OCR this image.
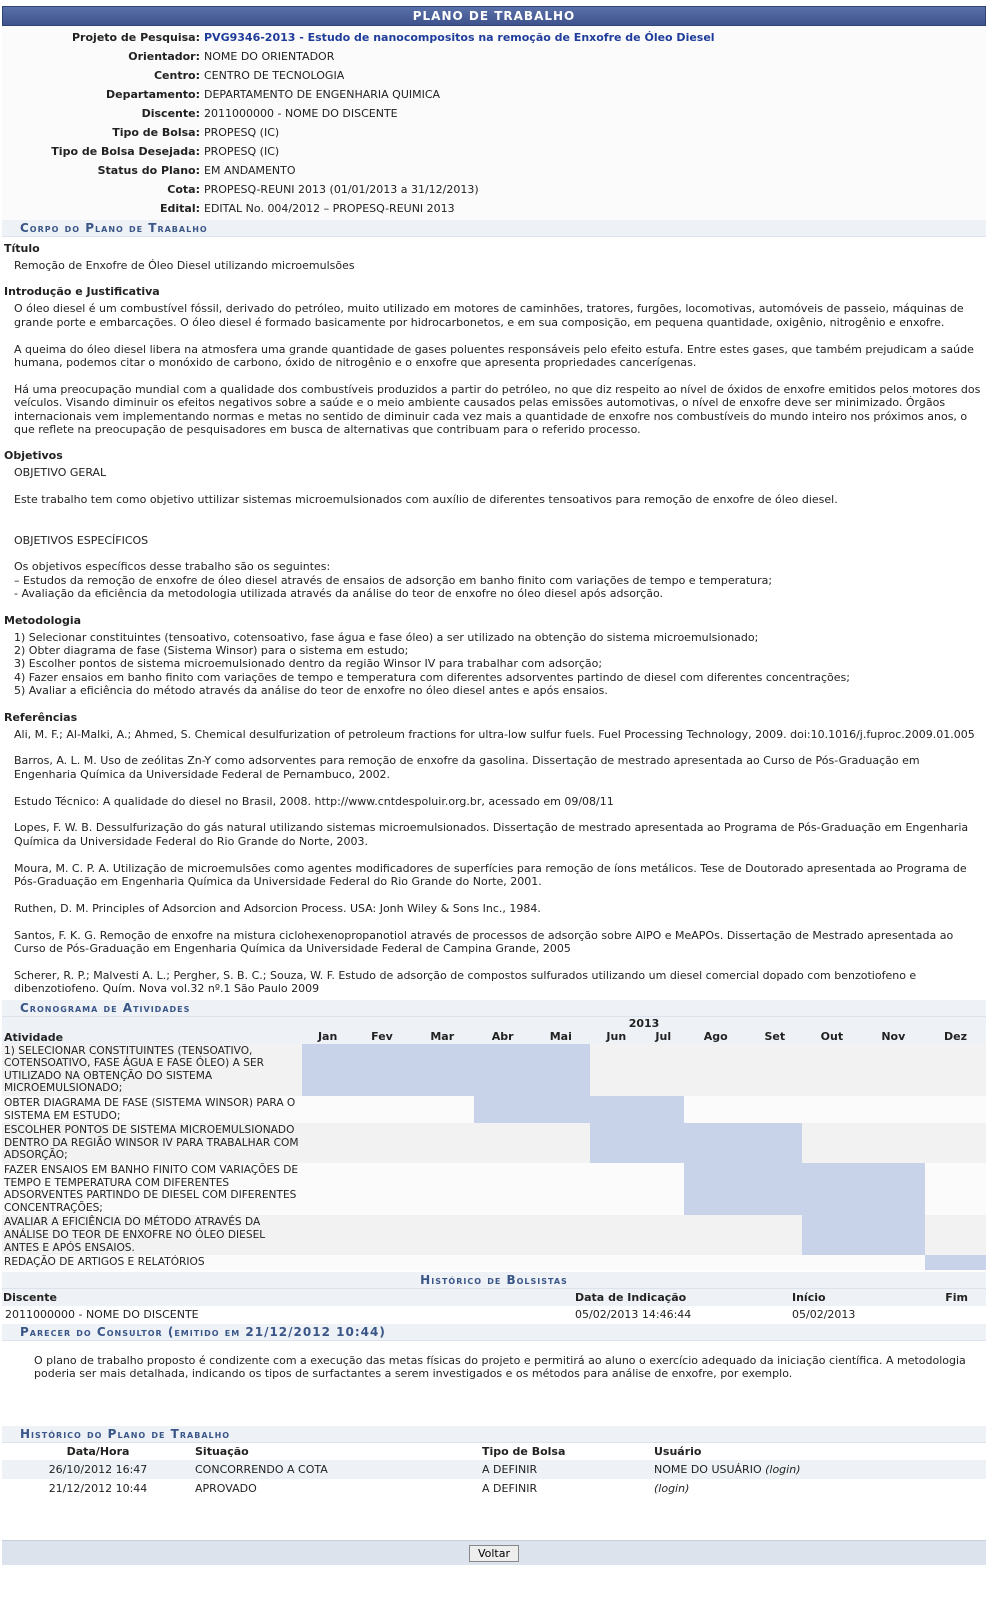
PLANO DE TRABALHO
Projeto de Pesquisa: PVG9346-2013 - Estudo de nanocompositos na remoção de Enxofre de Óleo Diesel
Orientador: NOME DO ORIENTADOR
Centro: CENTRO DE TECNOLOGIA
Departamento: DEPARTAMENTO DE ENGENHARIA QUIMICA
Discente: 2011000000 - NOME DO DISCENTE
Tipo de Bolsa: PROPESQ (IC)
Tipo de Bolsa Desejada: PROPESQ (IC)
Status do Plano: EM ANDAMENTO
Cota: PROPESQ-REUNI 2013 (01/01/2013 a 31/12/2013)
Edital: EDITAL No. 004/2012 – PROPESQ-REUNI 2013
Corpo do Plano de Trabalho
Título
Remoção de Enxofre de Óleo Diesel utilizando microemulsões
Introdução e Justificativa
O óleo diesel é um combustível fóssil, derivado do petróleo, muito utilizado em motores de caminhões, tratores, furgões, locomotivas, automóveis de passeio, máquinas de grande porte e embarcações. O óleo diesel é formado basicamente por hidrocarbonetos, e em sua composição, em pequena quantidade, oxigênio, nitrogênio e enxofre.

A queima do óleo diesel libera na atmosfera uma grande quantidade de gases poluentes responsáveis pelo efeito estufa. Entre estes gases, que também prejudicam a saúde humana, podemos citar o monóxido de carbono, óxido de nitrogênio e o enxofre que apresenta propriedades cancerígenas.

Há uma preocupação mundial com a qualidade dos combustíveis produzidos a partir do petróleo, no que diz respeito ao nível de óxidos de enxofre emitidos pelos motores dos veículos. Visando diminuir os efeitos negativos sobre a saúde e o meio ambiente causados pelas emissões automotivas, o nível de enxofre deve ser minimizado. Órgãos internacionais vem implementando normas e metas no sentido de diminuir cada vez mais a quantidade de enxofre nos combustíveis do mundo inteiro nos próximos anos, o que reflete na preocupação de pesquisadores em busca de alternativas que contribuam para o referido processo.
Objetivos
OBJETIVO GERAL

Este trabalho tem como objetivo uttilizar sistemas microemulsionados com auxílio de diferentes tensoativos para remoção de enxofre de óleo diesel.

OBJETIVOS ESPECÍFICOS

Os objetivos específicos desse trabalho são os seguintes:
– Estudos da remoção de enxofre de óleo diesel através de ensaios de adsorção em banho finito com variações de tempo e temperatura;
- Avaliação da eficiência da metodologia utilizada através da análise do teor de enxofre no óleo diesel após adsorção.
Metodologia
1) Selecionar constituintes (tensoativo, cotensoativo, fase água e fase óleo) a ser utilizado na obtenção do sistema microemulsionado;
2) Obter diagrama de fase (Sistema Winsor) para o sistema em estudo;
3) Escolher pontos de sistema microemulsionado dentro da região Winsor IV para trabalhar com adsorção;
4) Fazer ensaios em banho finito com variações de tempo e temperatura com diferentes adsorventes partindo de diesel com diferentes concentrações;
5) Avaliar a eficiência do método através da análise do teor de enxofre no óleo diesel antes e após ensaios.
Referências
Ali, M. F.; Al-Malki, A.; Ahmed, S. Chemical desulfurization of petroleum fractions for ultra-low sulfur fuels. Fuel Processing Technology, 2009. doi:10.1016/j.fuproc.2009.01.005

Barros, A. L. M. Uso de zeólitas Zn-Y como adsorventes para remoção de enxofre da gasolina. Dissertação de mestrado apresentada ao Curso de Pós-Graduação em Engenharia Química da Universidade Federal de Pernambuco, 2002.

Estudo Técnico: A qualidade do diesel no Brasil, 2008. http://www.cntdespoluir.org.br, acessado em 09/08/11

Lopes, F. W. B. Dessulfurização do gás natural utilizando sistemas microemulsionados. Dissertação de mestrado apresentada ao Programa de Pós-Graduação em Engenharia Química da Universidade Federal do Rio Grande do Norte, 2003.

Moura, M. C. P. A. Utilização de microemulsões como agentes modificadores de superfícies para remoção de íons metálicos. Tese de Doutorado apresentada ao Programa de Pós-Graduação em Engenharia Química da Universidade Federal do Rio Grande do Norte, 2001.

Ruthen, D. M. Principles of Adsorcion and Adsorcion Process. USA: Jonh Wiley & Sons Inc., 1984.

Santos, F. K. G. Remoção de enxofre na mistura ciclohexenopropanotiol através de processos de adsorção sobre AlPO e MeAPOs. Dissertação de Mestrado apresentada ao Curso de Pós-Graduação em Engenharia Química da Universidade Federal de Campina Grande, 2005

Scherer, R. P.; Malvesti A. L.; Pergher, S. B. C.; Souza, W. F. Estudo de adsorção de compostos sulfurados utilizando um diesel comercial dopado com benzotiofeno e dibenzotiofeno. Quím. Nova vol.32 nº.1 São Paulo 2009
Cronograma de Atividades
Atividade	2013											
	Jan	Fev	Mar	Abr	Mai	Jun	Jul	Ago	Set	Out	Nov	Dez
1) SELECIONAR CONSTITUINTES (TENSOATIVO, COTENSOATIVO, FASE ÁGUA E FASE ÓLEO) A SER UTILIZADO NA OBTENÇÃO DO SISTEMA MICROEMULSIONADO;												
OBTER DIAGRAMA DE FASE (SISTEMA WINSOR) PARA O SISTEMA EM ESTUDO;												
ESCOLHER PONTOS DE SISTEMA MICROEMULSIONADO DENTRO DA REGIÃO WINSOR IV PARA TRABALHAR COM ADSORÇÃO;												
FAZER ENSAIOS EM BANHO FINITO COM VARIAÇÕES DE TEMPO E TEMPERATURA COM DIFERENTES ADSORVENTES PARTINDO DE DIESEL COM DIFERENTES CONCENTRAÇÕES;												
AVALIAR A EFICIÊNCIA DO MÉTODO ATRAVÉS DA ANÁLISE DO TEOR DE ENXOFRE NO ÓLEO DIESEL ANTES E APÓS ENSAIOS.												
REDAÇÃO DE ARTIGOS E RELATÓRIOS												
Histórico de Bolsistas
Discente	Data de Indicação	Início	Fim
2011000000 - NOME DO DISCENTE	05/02/2013 14:46:44	05/02/2013	
Parecer do Consultor (emitido em 21/12/2012 10:44)
O plano de trabalho proposto é condizente com a execução das metas físicas do projeto e permitirá ao aluno o exercício adequado da iniciação científica. A metodologia poderia ser mais detalhada, indicando os tipos de surfactantes a serem investigados e os métodos para análise de enxofre, por exemplo.
Histórico do Plano de Trabalho
Data/Hora	Situação	Tipo de Bolsa	Usuário
26/10/2012 16:47	CONCORRENDO A COTA	A DEFINIR	NOME DO USUÁRIO (login)
21/12/2012 10:44	APROVADO	A DEFINIR	(login)
Voltar
